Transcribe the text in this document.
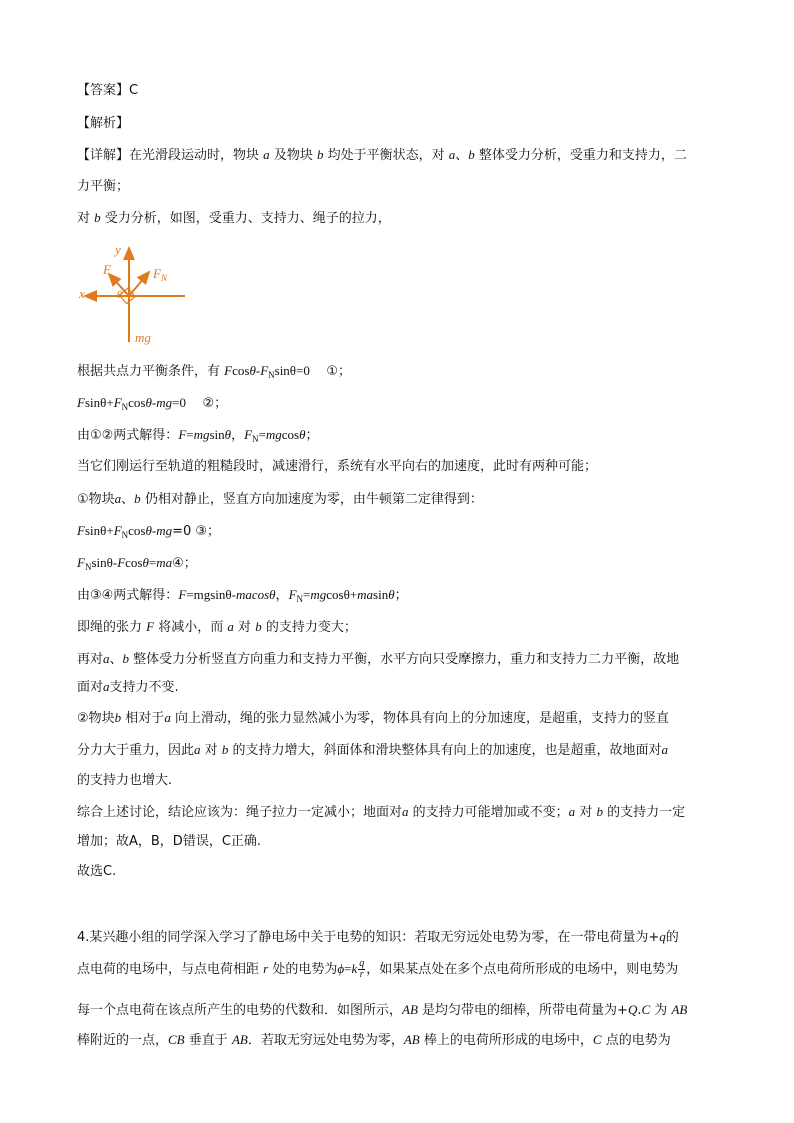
【答案】C
【解析】
【详解】在光滑段运动时，物块 a 及物块 b 均处于平衡状态，对 a、b 整体受力分析，受重力和支持力，二
力平衡；
对 b 受力分析，如图，受重力、支持力、绳子的拉力，
y
x
F	$F_N$
θ
mg
根据共点力平衡条件，有 Fcosθ-$F_N\sin\theta=0$ ①；
$Fsin\theta+F_N\cos\theta-mg=0$ ②；
由①②两式解得：F=mgsinθ，$F_N=mgcos\theta$；
当它们刚运行至轨道的粗糙段时，减速滑行，系统有水平向右的加速度，此时有两种可能；
①物块a、b 仍相对静止，竖直方向加速度为零，由牛顿第二定律得到：
$Fsin\theta+F_N\cos\theta-mg=0$ ③；
$F_N\sin\theta-Fcos\theta=ma④$；
由③④两式解得：F=mgsinθ-macosθ，$F_N=mgcos\theta+masin\theta$；
即绳的张力 F 将减小，而 a 对 b 的支持力变大；
再对a、b 整体受力分析竖直方向重力和支持力平衡，水平方向只受摩擦力，重力和支持力二力平衡，故地
面对a支持力不变.
②物块b 相对于a 向上滑动，绳的张力显然减小为零，物体具有向上的分加速度，是超重，支持力的竖直
分力大于重力，因此a 对 b 的支持力增大，斜面体和滑块整体具有向上的加速度，也是超重，故地面对a
的支持力也增大.
综合上述讨论，结论应该为：绳子拉力一定减小；地面对a 的支持力可能增加或不变；a 对 b 的支持力一定
增加；故A，B，D错误，C正确.
故选C.
4.某兴趣小组的同学深入学习了静电场中关于电势的知识：若取无穷远处电势为零，在一带电荷量为+q的
点电荷的电场中，与点电荷相距 r 处的电势为$\phi=k \frac{q}{r}$ ，如果某点处在多个点电荷所形成的电场中，则电势为
每一个点电荷在该点所产生的电势的代数和．如图所示，AB 是均匀带电的细棒，所带电荷量为+Q.C 为 AB
棒附近的一点，CB 垂直于 AB．若取无穷远处电势为零，AB 棒上的电荷所形成的电场中，C 点的电势为
